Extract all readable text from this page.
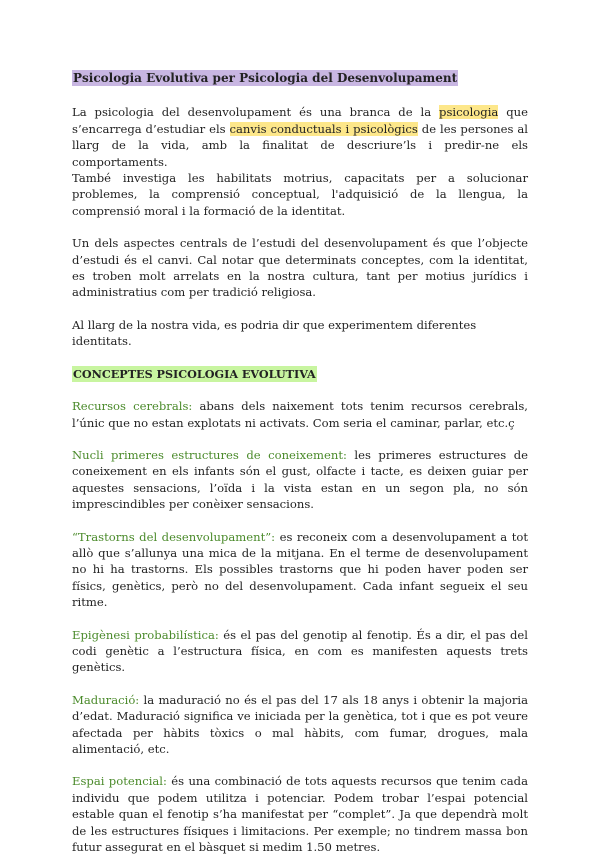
Psicologia Evolutiva per Psicologia del Desenvolupament

La psicologia del desenvolupament és una branca de la psicologia que s’encarrega d’estudiar els canvis conductuals i psicològics de les persones al llarg de la vida, amb la finalitat de descriure’ls i predir-ne els comportaments.

També investiga les habilitats motrius, capacitats per a solucionar problemes, la comprensió conceptual, l'adquisició de la llengua, la comprensió moral i la formació de la identitat.

Un dels aspectes centrals de l’estudi del desenvolupament és que l’objecte d’estudi és el canvi. Cal notar que determinats conceptes, com la identitat, es troben molt arrelats en la nostra cultura, tant per motius jurídics i administratius com per tradició religiosa.

Al llarg de la nostra vida, es podria dir que experimentem diferentes identitats.

CONCEPTES PSICOLOGIA EVOLUTIVA

Recursos cerebrals: abans dels naixement tots tenim recursos cerebrals, l’únic que no estan explotats ni activats. Com seria el caminar, parlar, etc.ç

Nucli primeres estructures de coneixement: les primeres estructures de coneixement en els infants són el gust, olfacte i tacte, es deixen guiar per aquestes sensacions, l’oïda i la vista estan en un segon pla, no són imprescindibles per conèixer sensacions.

“Trastorns del desenvolupament”: es reconeix com a desenvolupament a tot allò que s’allunya una mica de la mitjana. En el terme de desenvolupament no hi ha trastorns. Els possibles trastorns que hi poden haver poden ser físics, genètics, però no del desenvolupament. Cada infant segueix el seu ritme.

Epigènesi probabilística: és el pas del genotip al fenotip. És a dir, el pas del codi genètic a l’estructura física, en com es manifesten aquests trets genètics.

Maduració: la maduració no és el pas del 17 als 18 anys i obtenir la majoria d’edat. Maduració significa ve iniciada per la genètica, tot i que es pot veure afectada per hàbits tòxics o mal hàbits, com fumar, drogues, mala alimentació, etc.

Espai potencial: és una combinació de tots aquests recursos que tenim cada individu que podem utilitza i potenciar. Podem trobar l’espai potencial estable quan el fenotip s’ha manifestat per “complet”. Ja que dependrà molt de les estructures físiques i limitacions. Per exemple; no tindrem massa bon futur assegurat en el bàsquet si medim 1.50 metres.
